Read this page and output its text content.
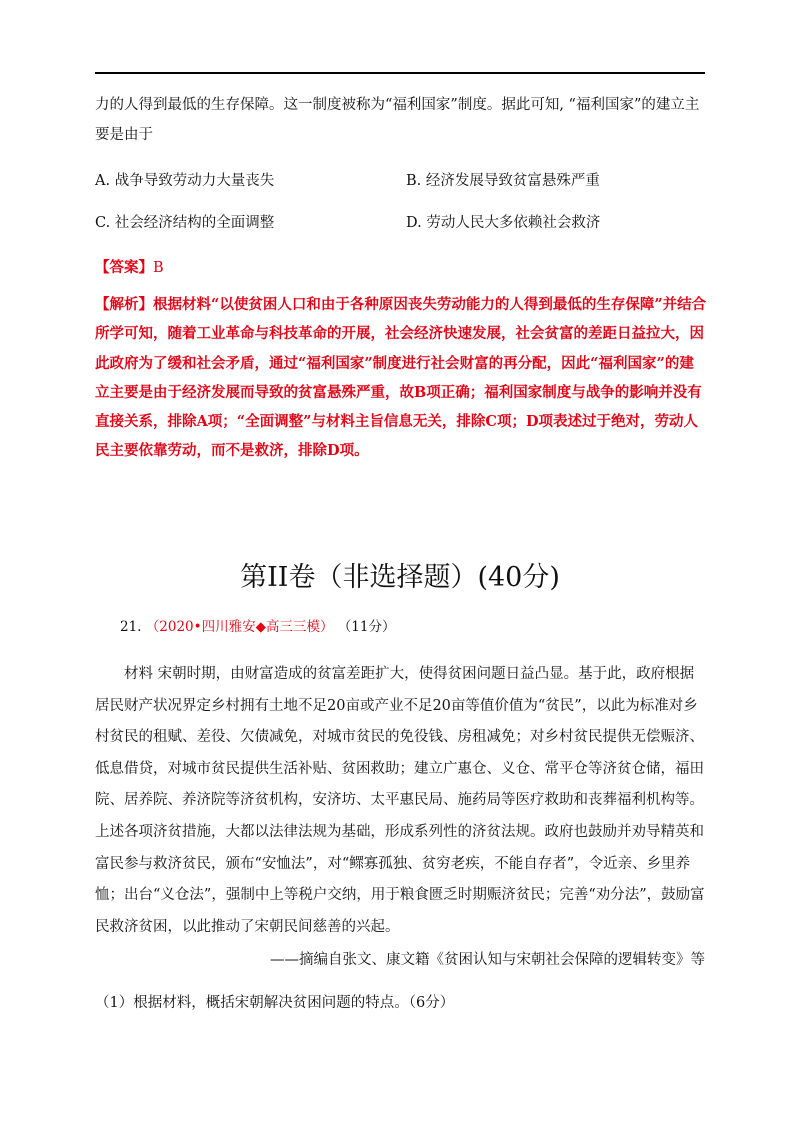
力的人得到最低的生存保障。这一制度被称为“福利国家”制度。据此可知, “福利国家”的建立主
要是由于
A. 战争导致劳动力大量丧失	B. 经济发展导致贫富悬殊严重
C. 社会经济结构的全面调整	D. 劳动人民大多依赖社会救济
【答案】B
【解析】根据材料“以使贫困人口和由于各种原因丧失劳动能力的人得到最低的生存保障”并结合所学可知，随着工业革命与科技革命的开展，社会经济快速发展，社会贫富的差距日益拉大，因此政府为了缓和社会矛盾，通过“福利国家”制度进行社会财富的再分配，因此“福利国家”的建立主要是由于经济发展而导致的贫富悬殊严重，故B项正确；福利国家制度与战争的影响并没有直接关系，排除A项；“全面调整”与材料主旨信息无关，排除C项；D项表述过于绝对，劳动人民主要依靠劳动，而不是救济，排除D项。
第II卷（非选择题）(40分)
21. （2020•四川雅安◆高三三模） （11分）
材料 宋朝时期，由财富造成的贫富差距扩大，使得贫困问题日益凸显。基于此，政府根据居民财产状况界定乡村拥有土地不足20亩或产业不足20亩等值价值为“贫民”，以此为标准对乡村贫民的租赋、差役、欠债减免，对城市贫民的免役钱、房租减免；对乡村贫民提供无偿赈济、低息借贷，对城市贫民提供生活补贴、贫困救助；建立广惠仓、义仓、常平仓等济贫仓储，福田院、居养院、养济院等济贫机构，安济坊、太平惠民局、施药局等医疗救助和丧葬福利机构等。上述各项济贫措施，大都以法律法规为基础，形成系列性的济贫法规。政府也鼓励并劝导精英和富民参与救济贫民，颁布“安恤法”，对“鳏寡孤独、贫穷老疾，不能自存者”，令近亲、乡里养恤；出台“义仓法”，强制中上等税户交纳，用于粮食匮乏时期赈济贫民；完善“劝分法”，鼓励富民救济贫困，以此推动了宋朝民间慈善的兴起。
——摘编自张文、康文籍《贫困认知与宋朝社会保障的逻辑转变》等
（1）根据材料，概括宋朝解决贫困问题的特点。（6分）
